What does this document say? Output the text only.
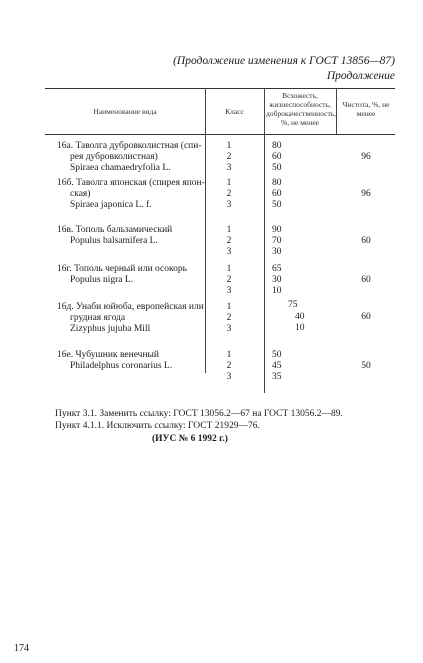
(Продолжение изменения к ГОСТ 13856—87)
Продолжение
Наименование вида	Класс
Всхожесть, жизнеспособность, доброкачественность, %, не менее
Чистота, %, не менее
16а. Таволга дубровколистная (спи-
рея дубровколистная)
Spiraea chamaedryfolia L.
1
2
3
80
60
50
96
16б. Таволга японская (спирея япон-
ская)
Spiraea japonica L. f.
1
2
3
80
60
50
96
16в. Тополь бальзамический
Populus balsamifera L.
1
2
3
90
70
30
60
16г. Тополь черный или осокорь
Populus nigra L.
1
2
3
65
30
10
60
16д. Унаби юйюба, европейская или
грудная ягода
Zizyphus jujuba Mill
1
2
3
75
40
10
60
16е. Чубушник венечный
Philadelphus coronarius L.
1
2
3
50
45
35
50
Пункт 3.1. Заменить ссылку: ГОСТ 13056.2—67 на ГОСТ 13056.2—89.
Пункт 4.1.1. Исключить ссылку: ГОСТ 21929—76.
(ИУС № 6 1992 г.)
174
